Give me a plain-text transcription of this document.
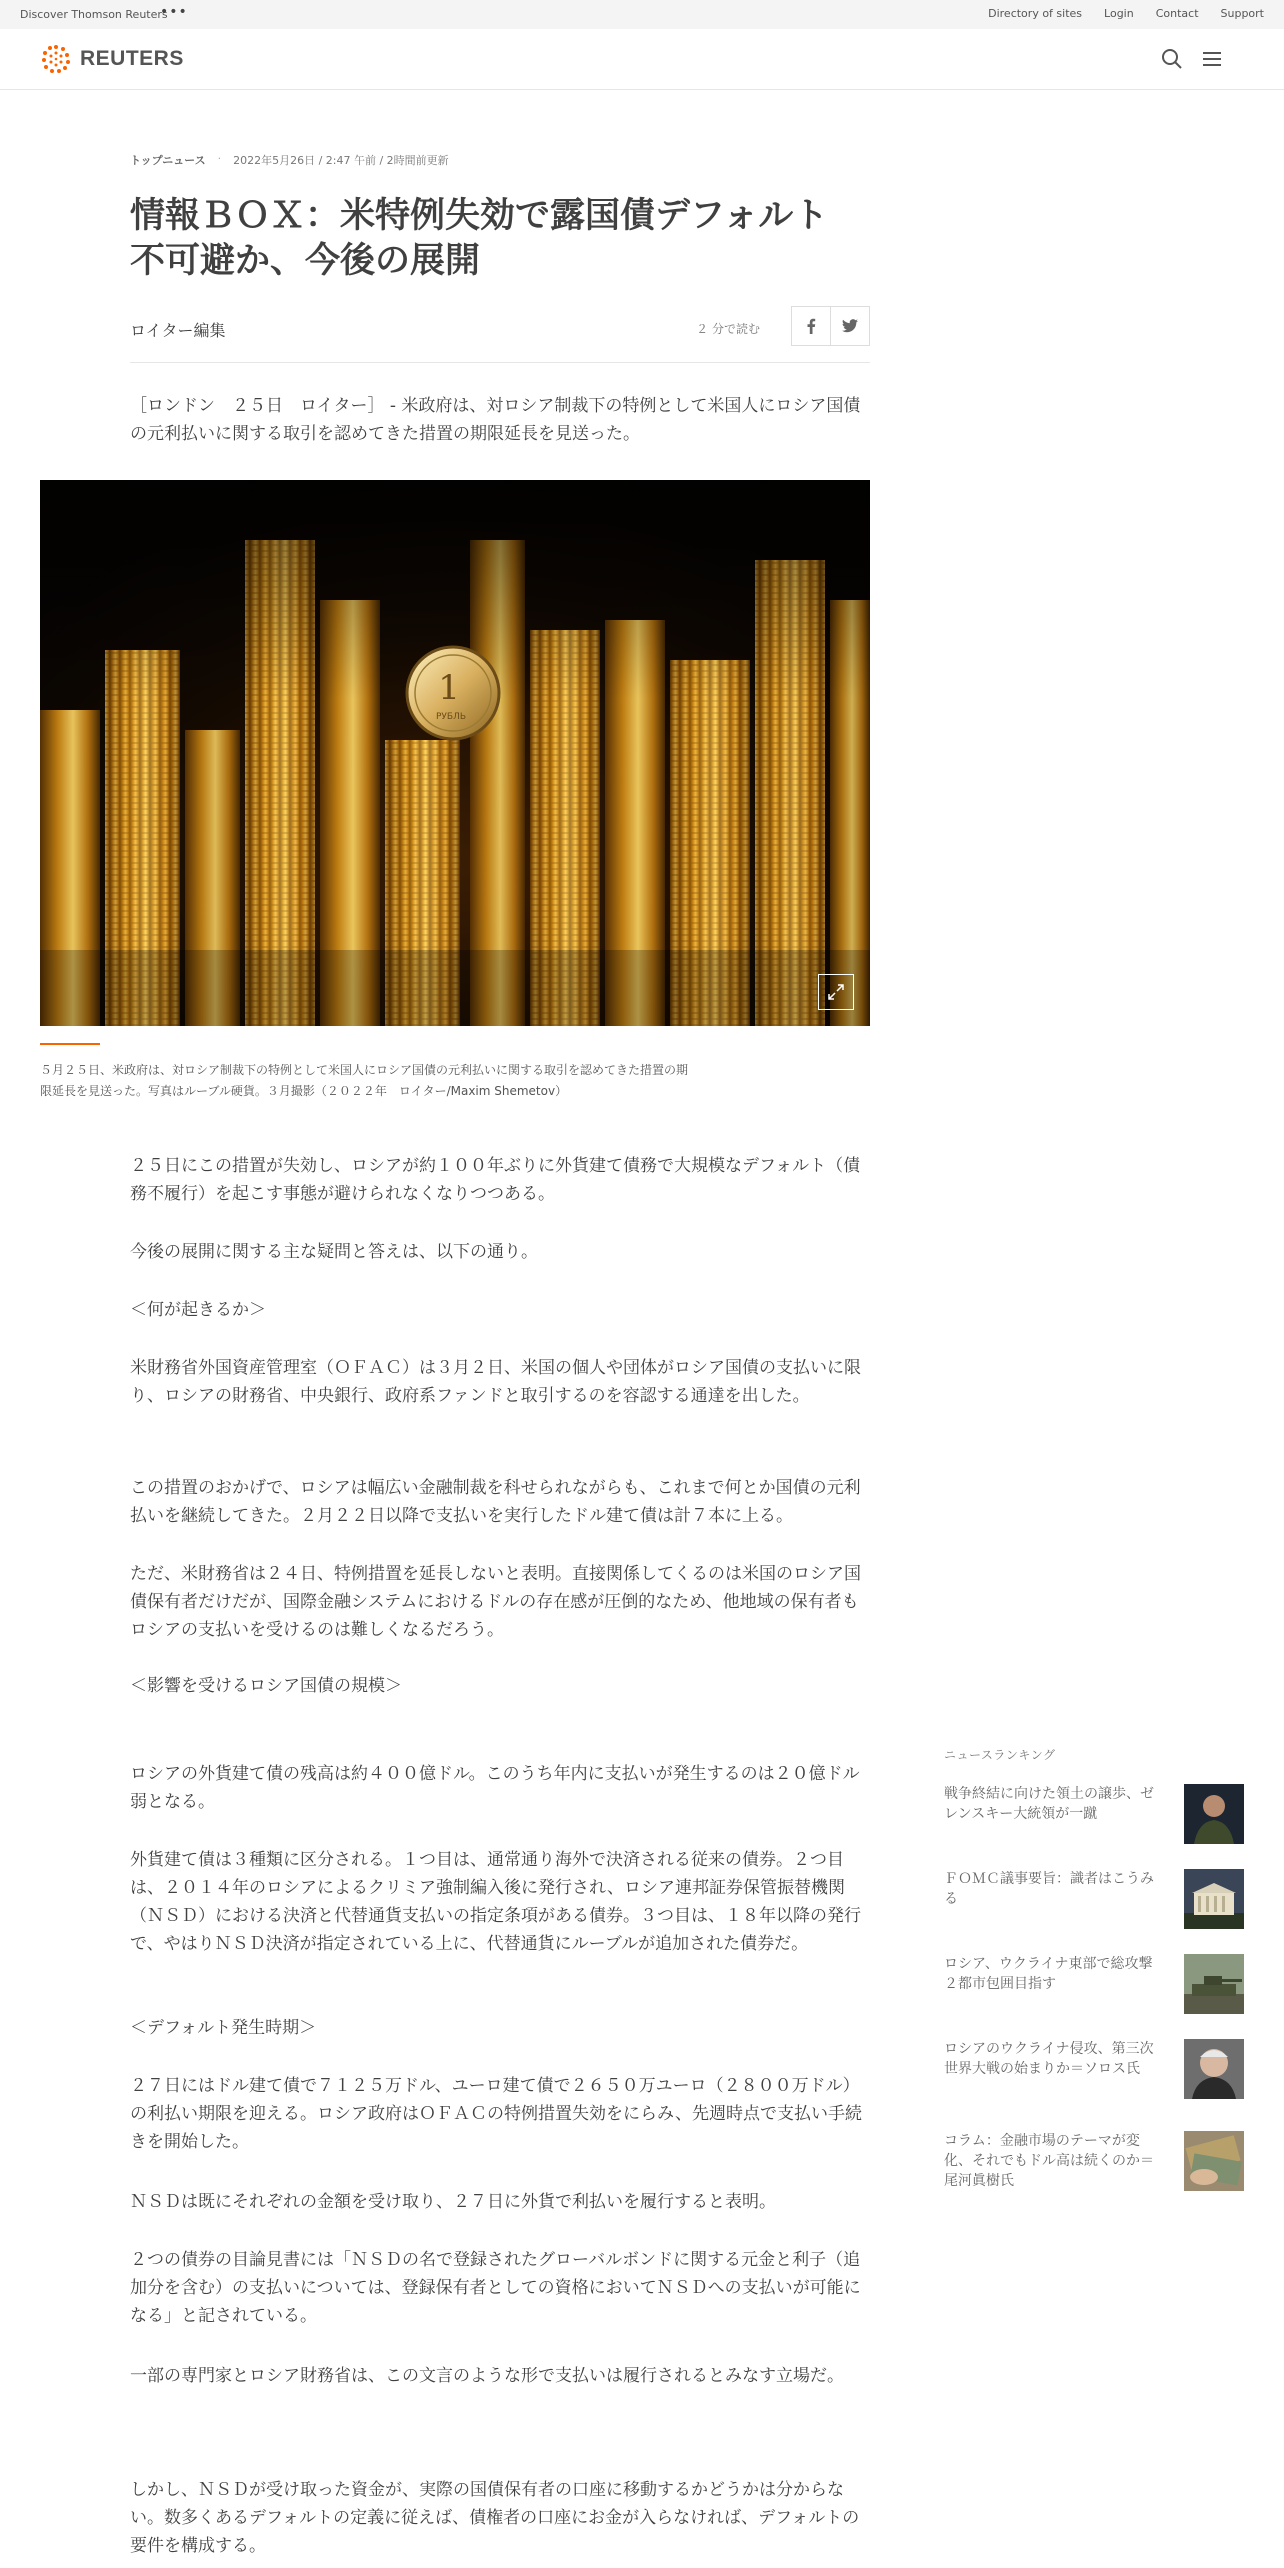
Discover Thomson Reuters
•••	Directory of sites Login Contact Support
REUTERS
トップニュース · 2022年5月26日 / 2:47 午前 / 2時間前更新
情報ＢＯＸ：米特例失効で露国債デフォルト
不可避か、今後の展開
ロイター編集	２ 分で読む

［ロンドン　２５日　ロイター］ - 米政府は、対ロシア制裁下の特例として米国人にロシア国債の元利払いに関する取引を認めてきた措置の期限延長を見送った。

1
РУБЛЬ

５月２５日、米政府は、対ロシア制裁下の特例として米国人にロシア国債の元利払いに関する取引を認めてきた措置の期限延長を見送った。写真はルーブル硬貨。３月撮影（２０２２年　ロイター/Maxim Shemetov）

２５日にこの措置が失効し、ロシアが約１００年ぶりに外貨建て債務で大規模なデフォルト（債務不履行）を起こす事態が避けられなくなりつつある。

今後の展開に関する主な疑問と答えは、以下の通り。

＜何が起きるか＞

米財務省外国資産管理室（ＯＦＡＣ）は３月２日、米国の個人や団体がロシア国債の支払いに限り、ロシアの財務省、中央銀行、政府系ファンドと取引するのを容認する通達を出した。

この措置のおかげで、ロシアは幅広い金融制裁を科せられながらも、これまで何とか国債の元利払いを継続してきた。２月２２日以降で支払いを実行したドル建て債は計７本に上る。

ただ、米財務省は２４日、特例措置を延長しないと表明。直接関係してくるのは米国のロシア国債保有者だけだが、国際金融システムにおけるドルの存在感が圧倒的なため、他地域の保有者もロシアの支払いを受けるのは難しくなるだろう。

＜影響を受けるロシア国債の規模＞

ロシアの外貨建て債の残高は約４００億ドル。このうち年内に支払いが発生するのは２０億ドル弱となる。

外貨建て債は３種類に区分される。１つ目は、通常通り海外で決済される従来の債券。２つ目は、２０１４年のロシアによるクリミア強制編入後に発行され、ロシア連邦証券保管振替機関（ＮＳＤ）における決済と代替通貨支払いの指定条項がある債券。３つ目は、１８年以降の発行で、やはりＮＳＤ決済が指定されている上に、代替通貨にルーブルが追加された債券だ。

＜デフォルト発生時期＞

２７日にはドル建て債で７１２５万ドル、ユーロ建て債で２６５０万ユーロ（２８００万ドル）の利払い期限を迎える。ロシア政府はＯＦＡＣの特例措置失効をにらみ、先週時点で支払い手続きを開始した。

ＮＳＤは既にそれぞれの金額を受け取り、２７日に外貨で利払いを履行すると表明。

２つの債券の目論見書には「ＮＳＤの名で登録されたグローバルボンドに関する元金と利子（追加分を含む）の支払いについては、登録保有者としての資格においてＮＳＤへの支払いが可能になる」と記されている。

一部の専門家とロシア財務省は、この文言のような形で支払いは履行されるとみなす立場だ。

しかし、ＮＳＤが受け取った資金が、実際の国債保有者の口座に移動するかどうかは分からない。数多くあるデフォルトの定義に従えば、債権者の口座にお金が入らなければ、デフォルトの要件を構成する。

ニュースランキング
戦争終結に向けた領土の譲歩、ゼレンスキー大統領が一蹴
ＦＯＭＣ議事要旨：識者はこうみる
ロシア、ウクライナ東部で総攻撃　２都市包囲目指す
ロシアのウクライナ侵攻、第三次世界大戦の始まりか＝ソロス氏
コラム：金融市場のテーマが変化、それでもドル高は続くのか＝尾河眞樹氏
